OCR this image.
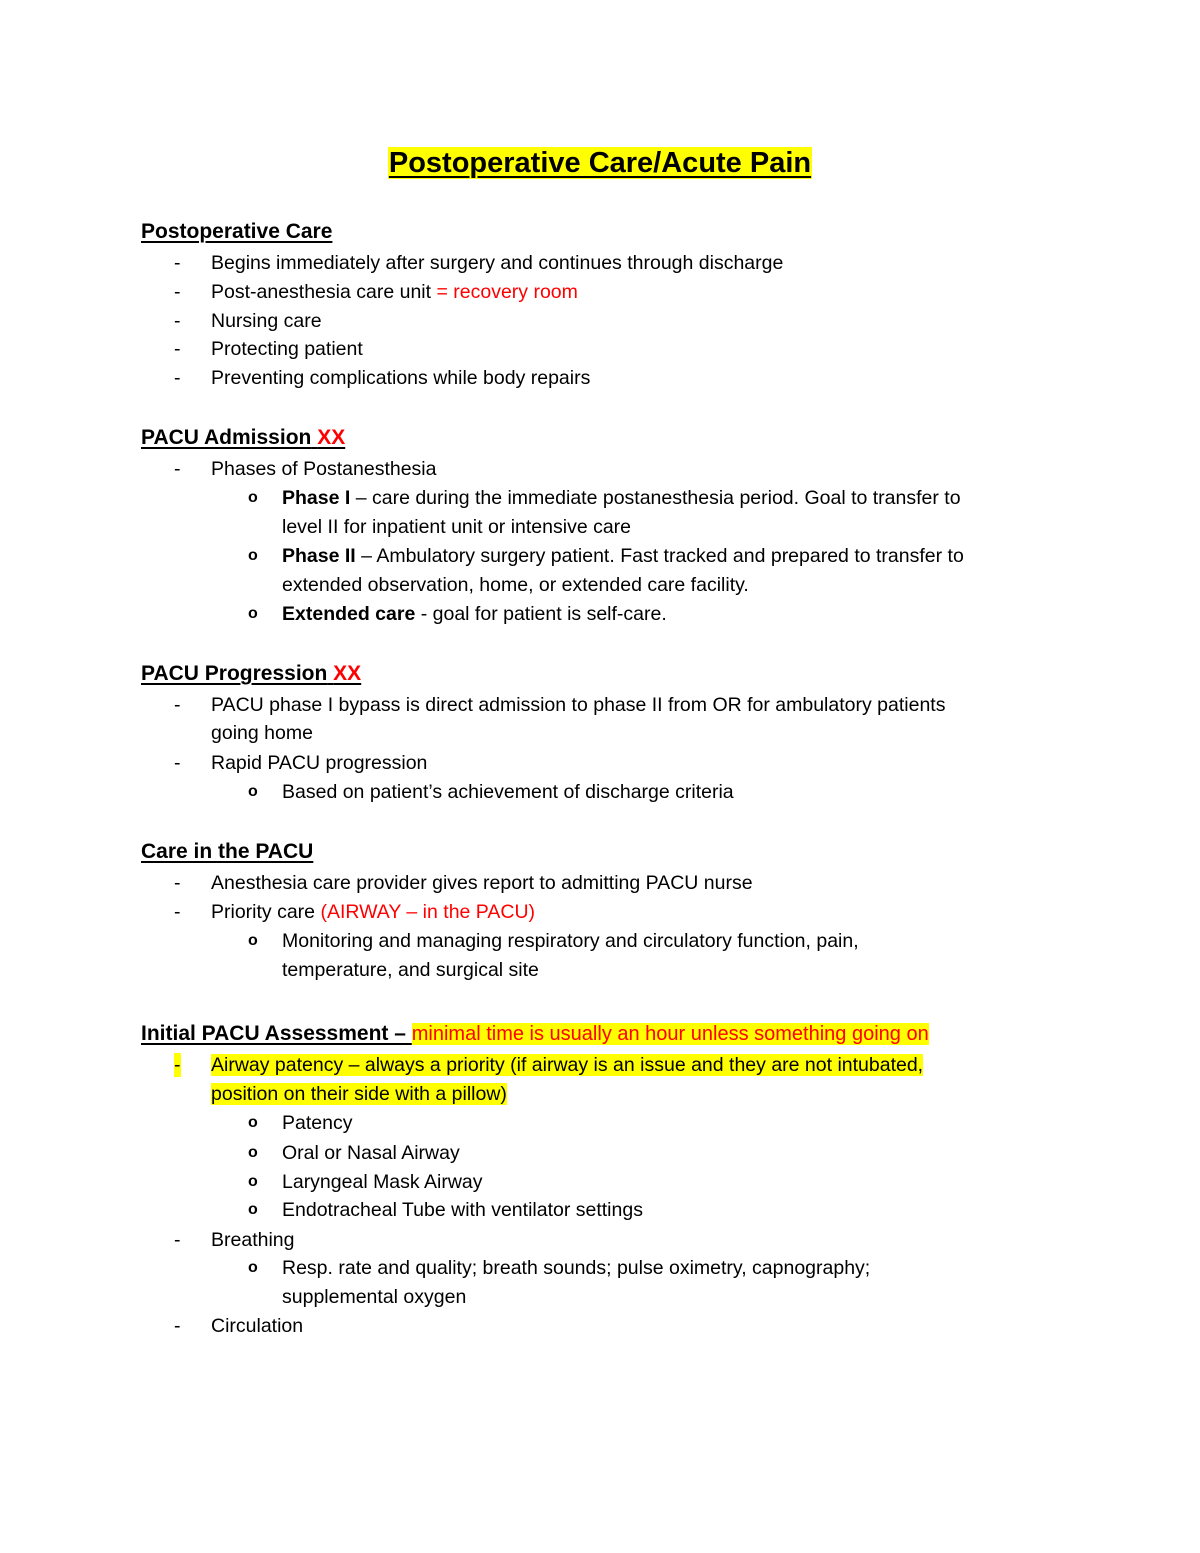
Postoperative Care/Acute Pain
Postoperative Care
- Begins immediately after surgery and continues through discharge
- Post-anesthesia care unit = recovery room
- Nursing care
- Protecting patient
- Preventing complications while body repairs
PACU Admission XX
- Phases of Postanesthesia
o Phase I – care during the immediate postanesthesia period. Goal to transfer to
level II for inpatient unit or intensive care
o Phase II – Ambulatory surgery patient. Fast tracked and prepared to transfer to
extended observation, home, or extended care facility.
o Extended care - goal for patient is self-care.
PACU Progression XX
- PACU phase I bypass is direct admission to phase II from OR for ambulatory patients
going home
- Rapid PACU progression
o Based on patient’s achievement of discharge criteria
Care in the PACU
- Anesthesia care provider gives report to admitting PACU nurse
- Priority care (AIRWAY – in the PACU)
o Monitoring and managing respiratory and circulatory function, pain,
temperature, and surgical site
Initial PACU Assessment – minimal time is usually an hour unless something going on
- Airway patency – always a priority (if airway is an issue and they are not intubated,
position on their side with a pillow)
o Patency
o Oral or Nasal Airway
o Laryngeal Mask Airway
o Endotracheal Tube with ventilator settings
- Breathing
o Resp. rate and quality; breath sounds; pulse oximetry, capnography;
supplemental oxygen
- Circulation
